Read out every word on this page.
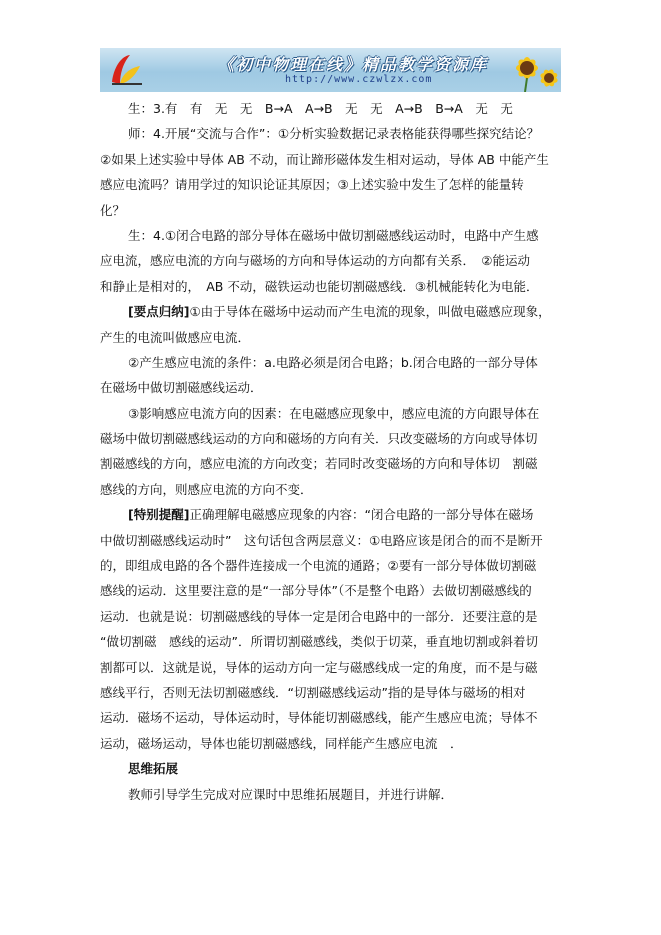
《初中物理在线》精品教学资源库
http://www.czwlzx.com
生：3.有　有　无　无　B→A　A→B　无　无　A→B　B→A　无　无
师：4.开展“交流与合作”：①分析实验数据记录表格能获得哪些探究结论？
②如果上述实验中导体 AB 不动，而让蹄形磁体发生相对运动，导体 AB 中能产生
感应电流吗？请用学过的知识论证其原因；③上述实验中发生了怎样的能量转
化？
生：4.①闭合电路的部分导体在磁场中做切割磁感线运动时，电路中产生感
应电流，感应电流的方向与磁场的方向和导体运动的方向都有关系．　②能运动
和静止是相对的，　AB 不动，磁铁运动也能切割磁感线．③机械能转化为电能．
[要点归纳]①由于导体在磁场中运动而产生电流的现象，叫做电磁感应现象，
产生的电流叫做感应电流．
②产生感应电流的条件：a.电路必须是闭合电路；b.闭合电路的一部分导体
在磁场中做切割磁感线运动．
③影响感应电流方向的因素：在电磁感应现象中，感应电流的方向跟导体在
磁场中做切割磁感线运动的方向和磁场的方向有关．只改变磁场的方向或导体切
割磁感线的方向，感应电流的方向改变；若同时改变磁场的方向和导体切　割磁
感线的方向，则感应电流的方向不变．
[特别提醒]正确理解电磁感应现象的内容：“闭合电路的一部分导体在磁场
中做切割磁感线运动时”　这句话包含两层意义：①电路应该是闭合的而不是断开
的，即组成电路的各个器件连接成一个电流的通路；②要有一部分导体做切割磁
感线的运动．这里要注意的是“一部分导体”（不是整个电路）去做切割磁感线的
运动．也就是说：切割磁感线的导体一定是闭合电路中的一部分．还要注意的是
“做切割磁　感线的运动”．所谓切割磁感线，类似于切菜，垂直地切割或斜着切
割都可以．这就是说，导体的运动方向一定与磁感线成一定的角度，而不是与磁
感线平行，否则无法切割磁感线．“切割磁感线运动”指的是导体与磁场的相对
运动．磁场不运动，导体运动时，导体能切割磁感线，能产生感应电流；导体不
运动，磁场运动，导体也能切割磁感线，同样能产生感应电流　．
思维拓展
教师引导学生完成对应课时中思维拓展题目，并进行讲解．
